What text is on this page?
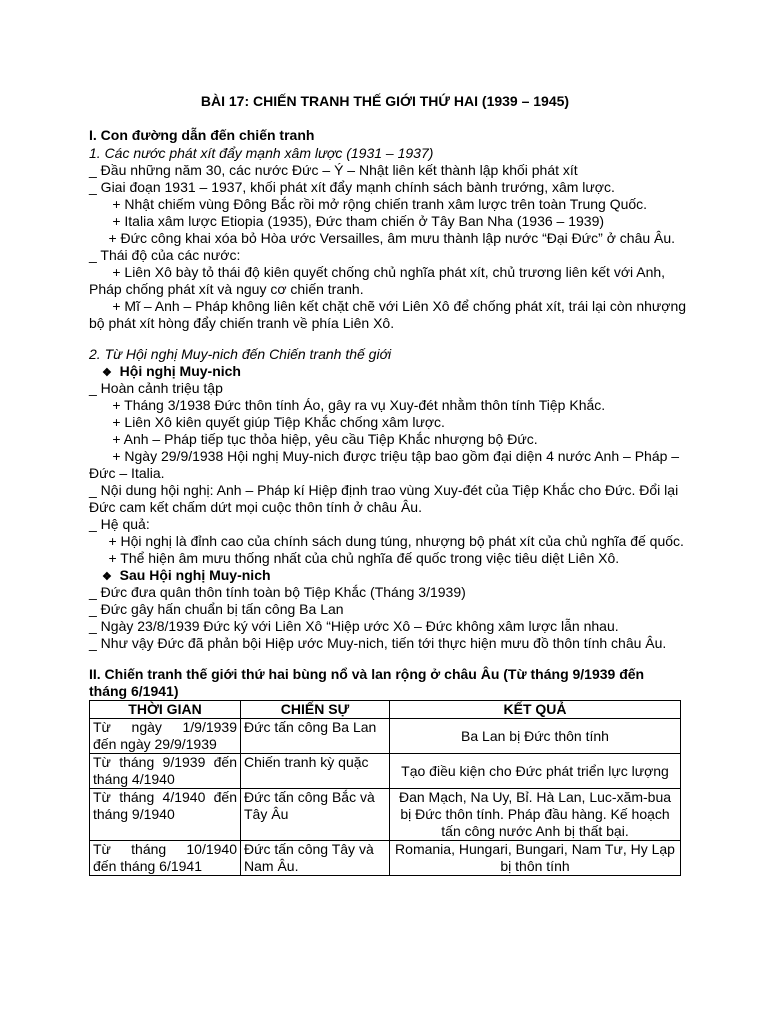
BÀI 17: CHIẾN TRANH THẾ GIỚI THỨ HAI (1939 – 1945)
I. Con đường dẫn đến chiến tranh
1. Các nước phát xít đẩy mạnh xâm lược (1931 – 1937)
_ Đầu những năm 30, các nước Đức – Ý – Nhật liên kết thành lập khối phát xít
_ Giai đoạn 1931 – 1937, khối phát xít đẩy mạnh chính sách bành trướng, xâm lược.
+ Nhật chiếm vùng Đông Bắc rồi mở rộng chiến tranh xâm lược trên toàn Trung Quốc.
+ Italia xâm lược Etiopia (1935), Đức tham chiến ở Tây Ban Nha (1936 – 1939)
+ Đức công khai xóa bỏ Hòa ước Versailles, âm mưu thành lập nước “Đại Đức” ở châu Âu.
_ Thái độ của các nước:
+ Liên Xô bày tỏ thái độ kiên quyết chống chủ nghĩa phát xít, chủ trương liên kết với Anh,
Pháp chống phát xít và nguy cơ chiến tranh.
+ Mĩ – Anh – Pháp không liên kết chặt chẽ với Liên Xô để chống phát xít, trái lại còn nhượng
bộ phát xít hòng đẩy chiến tranh về phía Liên Xô.
2. Từ Hội nghị Muy-nich đến Chiến tranh thế giới
❖ Hội nghị Muy-nich
_ Hoàn cảnh triệu tập
+ Tháng 3/1938 Đức thôn tính Áo, gây ra vụ Xuy-đét nhằm thôn tính Tiệp Khắc.
+ Liên Xô kiên quyết giúp Tiệp Khắc chống xâm lược.
+ Anh – Pháp tiếp tục thỏa hiệp, yêu cầu Tiệp Khắc nhượng bộ Đức.
+ Ngày 29/9/1938 Hội nghị Muy-nich được triệu tập bao gồm đại diện 4 nước Anh – Pháp –
Đức – Italia.
_ Nội dung hội nghị: Anh – Pháp kí Hiệp định trao vùng Xuy-đét của Tiệp Khắc cho Đức. Đổi lại
Đức cam kết chấm dứt mọi cuộc thôn tính ở châu Âu.
_ Hệ quả:
+ Hội nghị là đỉnh cao của chính sách dung túng, nhượng bộ phát xít của chủ nghĩa đế quốc.
+ Thể hiện âm mưu thống nhất của chủ nghĩa đế quốc trong việc tiêu diệt Liên Xô.
❖ Sau Hội nghị Muy-nich
_ Đức đưa quân thôn tính toàn bộ Tiệp Khắc (Tháng 3/1939)
_ Đức gây hấn chuẩn bị tấn công Ba Lan
_ Ngày 23/8/1939 Đức ký với Liên Xô “Hiệp ước Xô – Đức không xâm lược lẫn nhau.
_ Như vậy Đức đã phản bội Hiệp ước Muy-nich, tiến tới thực hiện mưu đồ thôn tính châu Âu.
II. Chiến tranh thế giới thứ hai bùng nổ và lan rộng ở châu Âu (Từ tháng 9/1939 đến
tháng 6/1941)
THỜI GIAN	CHIẾN SỰ	KẾT QUẢ

Từ ngày 1/9/1939
đến ngày 29/9/1939	Đức tấn công Ba Lan	Ba Lan bị Đức thôn tính

Từ tháng 9/1939 đến
tháng 4/1940	Chiến tranh kỳ quặc	Tạo điều kiện cho Đức phát triển lực lượng

Từ tháng 4/1940 đến
tháng 9/1940	Đức tấn công Bắc và Tây Âu	Đan Mạch, Na Uy, Bỉ. Hà Lan, Luc-xăm-bua bị Đức thôn tính. Pháp đầu hàng. Kế hoạch tấn công nước Anh bị thất bại.

Từ tháng 10/1940
đến tháng 6/1941	Đức tấn công Tây và Nam Âu.	Romania, Hungari, Bungari, Nam Tư, Hy Lạp bị thôn tính
